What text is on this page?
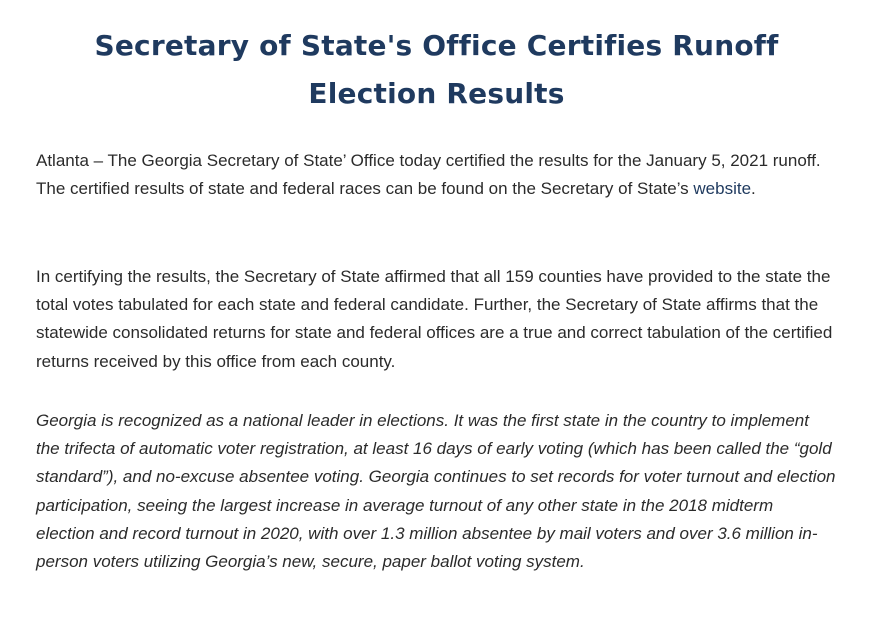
Secretary of State's Office Certifies Runoff Election Results

Atlanta – The Georgia Secretary of State’ Office today certified the results for the January 5, 2021 runoff. The certified results of state and federal races can be found on the Secretary of State’s website.

In certifying the results, the Secretary of State affirmed that all 159 counties have provided to the state the total votes tabulated for each state and federal candidate. Further, the Secretary of State affirms that the statewide consolidated returns for state and federal offices are a true and correct tabulation of the certified returns received by this office from each county.

Georgia is recognized as a national leader in elections. It was the first state in the country to implement the trifecta of automatic voter registration, at least 16 days of early voting (which has been called the “gold standard”), and no-excuse absentee voting. Georgia continues to set records for voter turnout and election participation, seeing the largest increase in average turnout of any other state in the 2018 midterm election and record turnout in 2020, with over 1.3 million absentee by mail voters and over 3.6 million in-person voters utilizing Georgia’s new, secure, paper ballot voting system.
